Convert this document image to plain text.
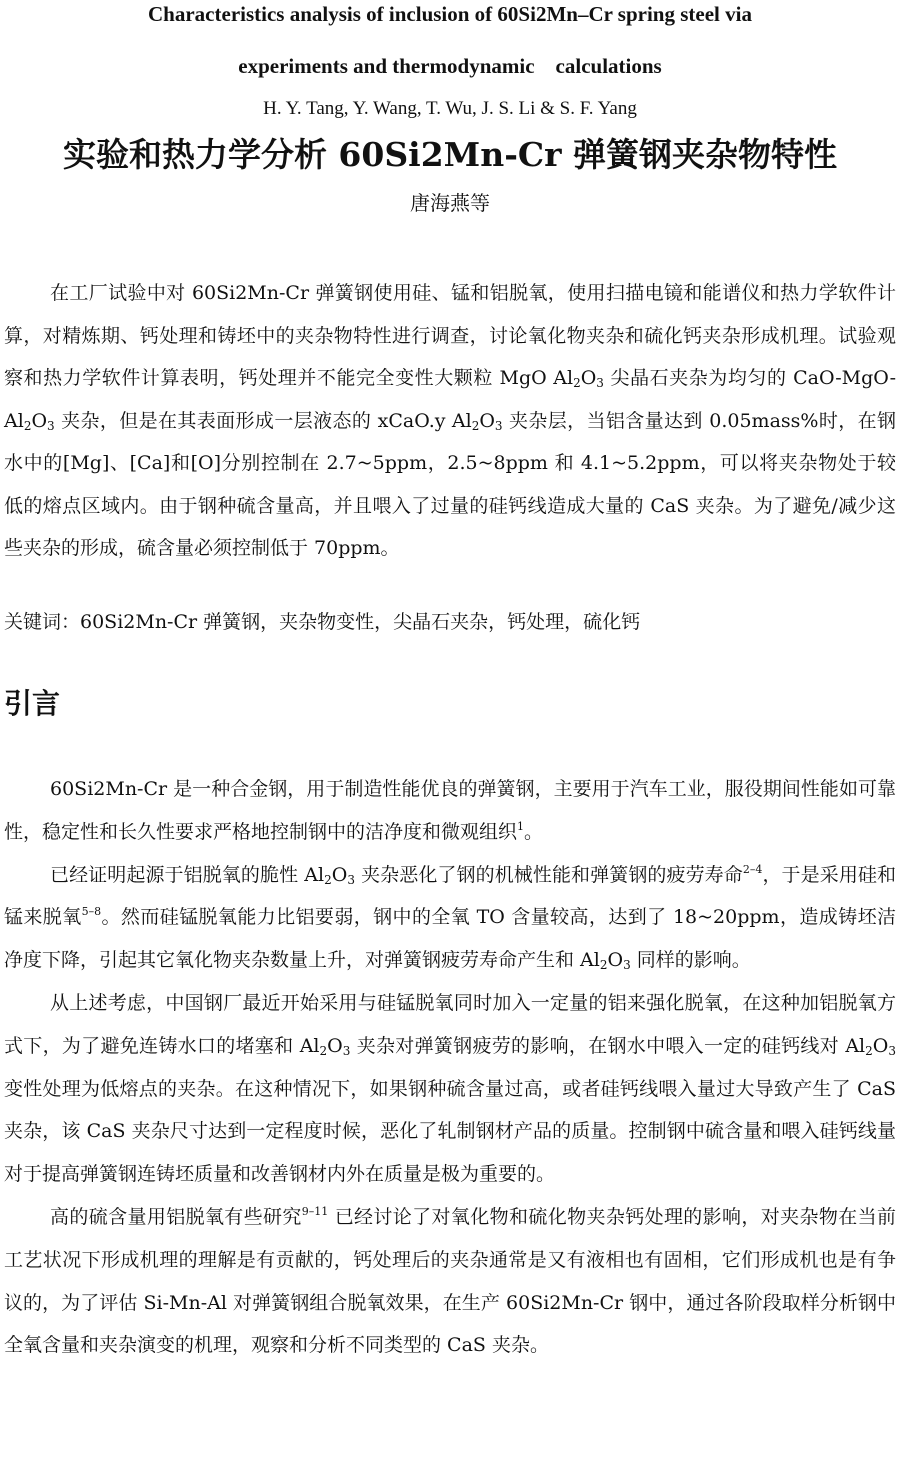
Characteristics analysis of inclusion of 60Si2Mn–Cr spring steel via
experiments and thermodynamic    calculations
H. Y. Tang, Y. Wang, T. Wu, J. S. Li & S. F. Yang
实验和热力学分析 60Si2Mn-Cr 弹簧钢夹杂物特性
唐海燕等
在工厂试验中对 60Si2Mn-Cr 弹簧钢使用硅、锰和铝脱氧，使用扫描电镜和能谱仪和热力学软件计算，对精炼期、钙处理和铸坯中的夹杂物特性进行调查，讨论氧化物夹杂和硫化钙夹杂形成机理。试验观察和热力学软件计算表明，钙处理并不能完全变性大颗粒 MgO $Al_2O_3$ 尖晶石夹杂为均匀的 CaO-$MgO-Al_2O_3$ 夹杂，但是在其表面形成一层液态的 xCaO.y $Al_2O_3$ 夹杂层，当铝含量达到 0.05mass%时，在钢水中的[Mg]、[Ca]和[O]分别控制在 2.7~5ppm，2.5~8ppm 和 4.1~5.2ppm，可以将夹杂物处于较低的熔点区域内。由于钢种硫含量高，并且喂入了过量的硅钙线造成大量的 CaS 夹杂。为了避免/减少这些夹杂的形成，硫含量必须控制低于 70ppm。
关键词：60Si2Mn-Cr 弹簧钢，夹杂物变性，尖晶石夹杂，钙处理，硫化钙
引言

60Si2Mn-Cr 是一种合金钢，用于制造性能优良的弹簧钢，主要用于汽车工业，服役期间性能如可靠性，稳定性和长久性要求严格地控制钢中的洁净度和微观组织$^1$。

已经证明起源于铝脱氧的脆性 $Al_2O_3$ 夹杂恶化了钢的机械性能和弹簧钢的疲劳寿命$^{2-4}$，于是采用硅和锰来脱氧$^{5-8}$。然而硅锰脱氧能力比铝要弱，钢中的全氧 TO 含量较高，达到了 18~20ppm，造成铸坯洁净度下降，引起其它氧化物夹杂数量上升，对弹簧钢疲劳寿命产生和 $Al_2O_3$ 同样的影响。

从上述考虑，中国钢厂最近开始采用与硅锰脱氧同时加入一定量的铝来强化脱氧，在这种加铝脱氧方式下，为了避免连铸水口的堵塞和 $Al_2O_3$ 夹杂对弹簧钢疲劳的影响，在钢水中喂入一定的硅钙线对 $Al_2O_3$ 变性处理为低熔点的夹杂。在这种情况下，如果钢种硫含量过高，或者硅钙线喂入量过大导致产生了 CaS 夹杂，该 CaS 夹杂尺寸达到一定程度时候，恶化了轧制钢材产品的质量。控制钢中硫含量和喂入硅钙线量对于提高弹簧钢连铸坯质量和改善钢材内外在质量是极为重要的。

高的硫含量用铝脱氧有些研究$^{9-11}$ 已经讨论了对氧化物和硫化物夹杂钙处理的影响，对夹杂物在当前工艺状况下形成机理的理解是有贡献的，钙处理后的夹杂通常是又有液相也有固相，它们形成机也是有争议的，为了评估 Si-Mn-Al 对弹簧钢组合脱氧效果，在生产 60Si2Mn-Cr 钢中，通过各阶段取样分析钢中全氧含量和夹杂演变的机理，观察和分析不同类型的 CaS 夹杂。
